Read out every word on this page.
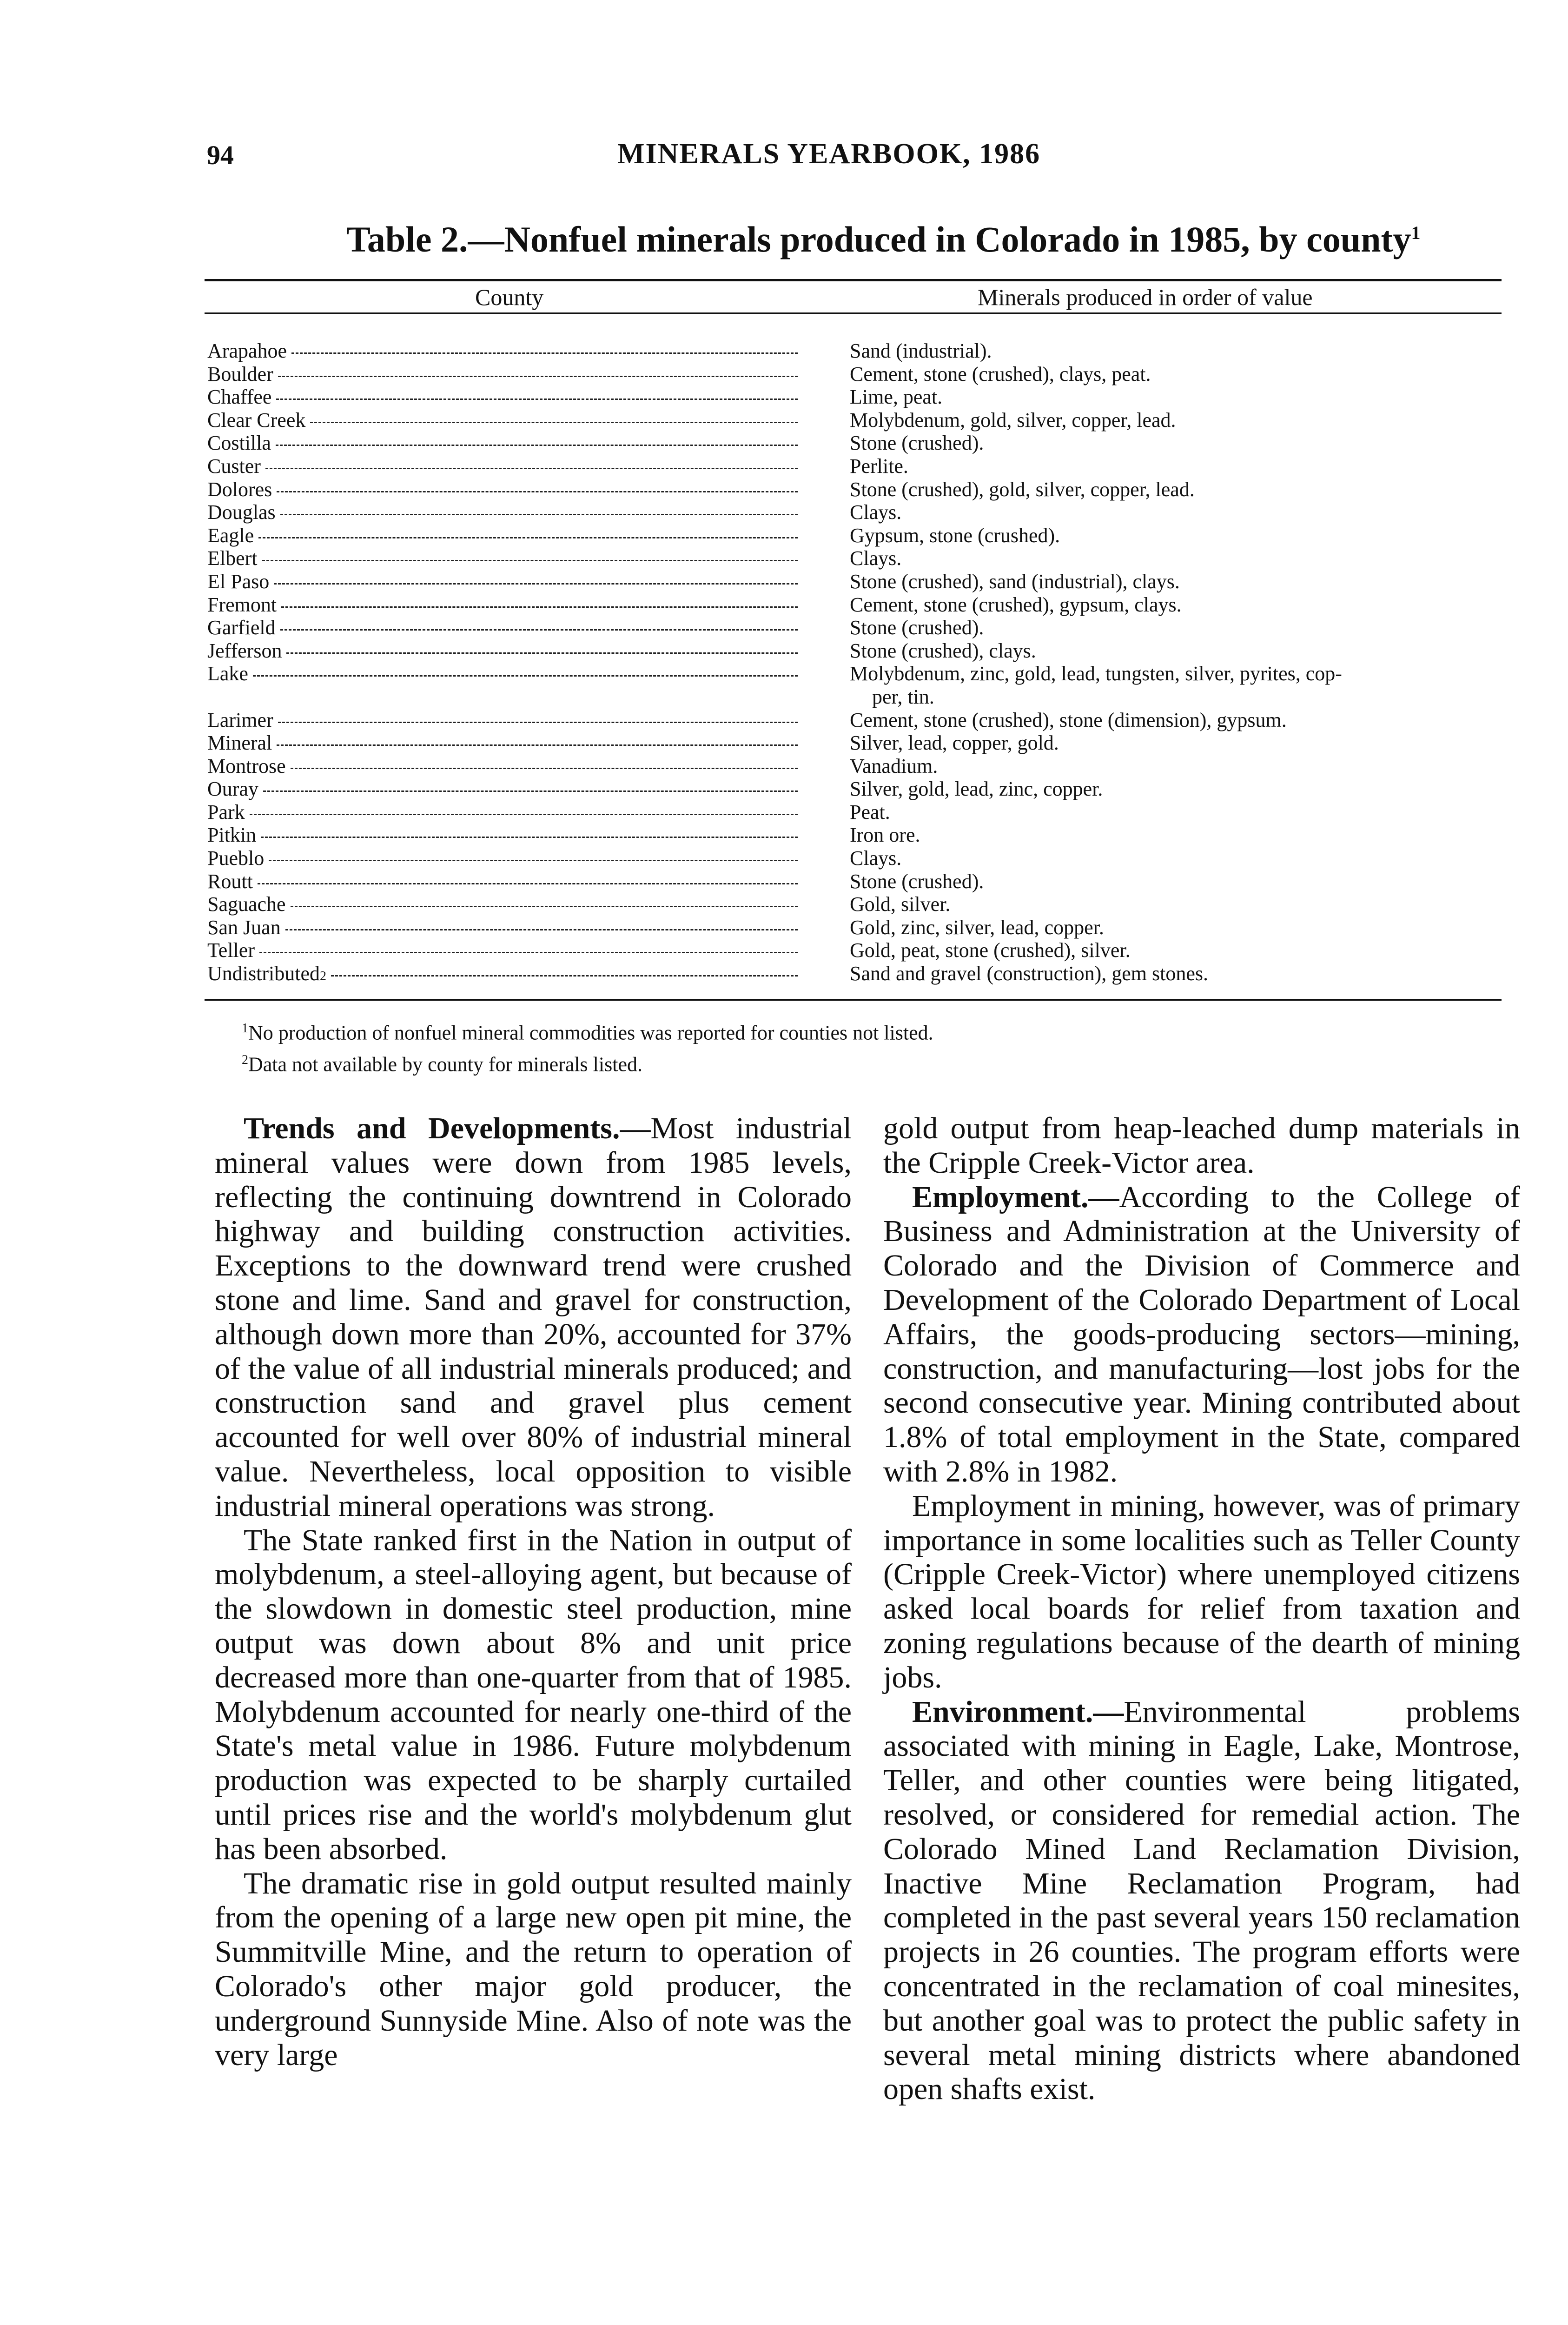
94	MINERALS YEARBOOK, 1986
Table 2.—Nonfuel minerals produced in Colorado in 1985, by county$^1$
County	Minerals produced in order of value
Arapahoe
Boulder
Chaffee
Clear Creek
Costilla
Custer
Dolores
Douglas
Eagle
Elbert
El Paso
Fremont
Garfield
Jefferson
Lake
Larimer
Mineral
Montrose
Ouray
Park
Pitkin
Pueblo
Routt
Saguache
San Juan
Teller
Undistributed 2
Sand (industrial).
Cement, stone (crushed), clays, peat.
Lime, peat.
Molybdenum, gold, silver, copper, lead.
Stone (crushed).
Perlite.
Stone (crushed), gold, silver, copper, lead.
Clays.
Gypsum, stone (crushed).
Clays.
Stone (crushed), sand (industrial), clays.
Cement, stone (crushed), gypsum, clays.
Stone (crushed).
Stone (crushed), clays.
Molybdenum, zinc, gold, lead, tungsten, silver, pyrites, cop-
per, tin.
Cement, stone (crushed), stone (dimension), gypsum.
Silver, lead, copper, gold.
Vanadium.
Silver, gold, lead, zinc, copper.
Peat.
Iron ore.
Clays.
Stone (crushed).
Gold, silver.
Gold, zinc, silver, lead, copper.
Gold, peat, stone (crushed), silver.
Sand and gravel (construction), gem stones.
$^1$No production of nonfuel mineral commodities was reported for counties not listed.
$^2$Data not available by county for minerals listed.

Trends and Developments.—Most industrial mineral values were down from 1985 levels, reflecting the continuing downtrend in Colorado highway and building construction activities. Exceptions to the downward trend were crushed stone and lime. Sand and gravel for construction, although down more than 20%, accounted for 37% of the value of all industrial minerals produced; and construction sand and gravel plus cement accounted for well over 80% of industrial mineral value. Nevertheless, local opposition to visible industrial mineral operations was strong.

The State ranked first in the Nation in output of molybdenum, a steel-alloying agent, but because of the slowdown in domestic steel production, mine output was down about 8% and unit price decreased more than one-quarter from that of 1985. Molybdenum accounted for nearly one-third of the State's metal value in 1986. Future molybdenum production was expected to be sharply curtailed until prices rise and the world's molybdenum glut has been absorbed.

The dramatic rise in gold output resulted mainly from the opening of a large new open pit mine, the Summitville Mine, and the return to operation of Colorado's other major gold producer, the underground Sunnyside Mine. Also of note was the very large

gold output from heap-leached dump materials in the Cripple Creek-Victor area.

Employment.—According to the College of Business and Administration at the University of Colorado and the Division of Commerce and Development of the Colorado Department of Local Affairs, the goods-producing sectors—mining, construction, and manufacturing—lost jobs for the second consecutive year. Mining contributed about 1.8% of total employment in the State, compared with 2.8% in 1982.

Employment in mining, however, was of primary importance in some localities such as Teller County (Cripple Creek-Victor) where unemployed citizens asked local boards for relief from taxation and zoning regulations because of the dearth of mining jobs.

Environment.—Environmental problems associated with mining in Eagle, Lake, Montrose, Teller, and other counties were being litigated, resolved, or considered for remedial action. The Colorado Mined Land Reclamation Division, Inactive Mine Reclamation Program, had completed in the past several years 150 reclamation projects in 26 counties. The program efforts were concentrated in the reclamation of coal minesites, but another goal was to protect the public safety in several metal mining districts where abandoned open shafts exist.
